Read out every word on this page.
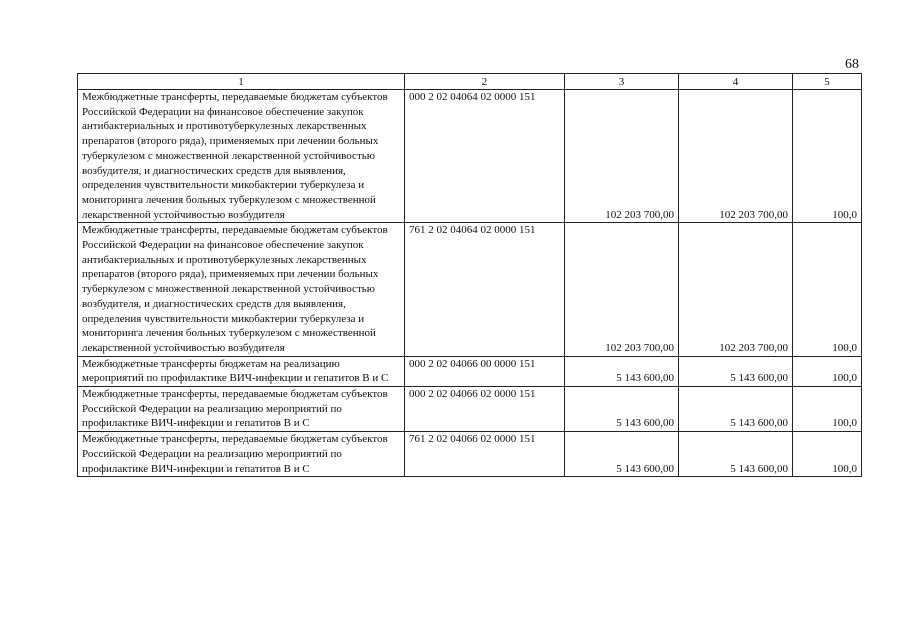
68
1	2	3	4	5
Межбюджетные трансферты, передаваемые бюджетам субъектов Российской Федерации на финансовое обеспечение закупок антибактериальных и противотуберкулезных лекарственных препаратов (второго ряда), применяемых при лечении больных туберкулезом с множественной лекарственной устойчивостью возбудителя, и диагностических средств для выявления, определения чувствительности микобактерии туберкулеза и мониторинга лечения больных туберкулезом с множественной лекарственной устойчивостью возбудителя	000 2 02 04064 02 0000 151	102 203 700,00	102 203 700,00	100,0
Межбюджетные трансферты, передаваемые бюджетам субъектов Российской Федерации на финансовое обеспечение закупок антибактериальных и противотуберкулезных лекарственных препаратов (второго ряда), применяемых при лечении больных туберкулезом с множественной лекарственной устойчивостью возбудителя, и диагностических средств для выявления, определения чувствительности микобактерии туберкулеза и мониторинга лечения больных туберкулезом с множественной лекарственной устойчивостью возбудителя	761 2 02 04064 02 0000 151	102 203 700,00	102 203 700,00	100,0
Межбюджетные трансферты бюджетам на реализацию мероприятий по профилактике ВИЧ-инфекции и гепатитов В и С	000 2 02 04066 00 0000 151	5 143 600,00	5 143 600,00	100,0
Межбюджетные трансферты, передаваемые бюджетам субъектов Российской Федерации на реализацию мероприятий по профилактике ВИЧ-инфекции и гепатитов В и С	000 2 02 04066 02 0000 151	5 143 600,00	5 143 600,00	100,0
Межбюджетные трансферты, передаваемые бюджетам субъектов Российской Федерации на реализацию мероприятий по профилактике ВИЧ-инфекции и гепатитов В и С	761 2 02 04066 02 0000 151	5 143 600,00	5 143 600,00	100,0
